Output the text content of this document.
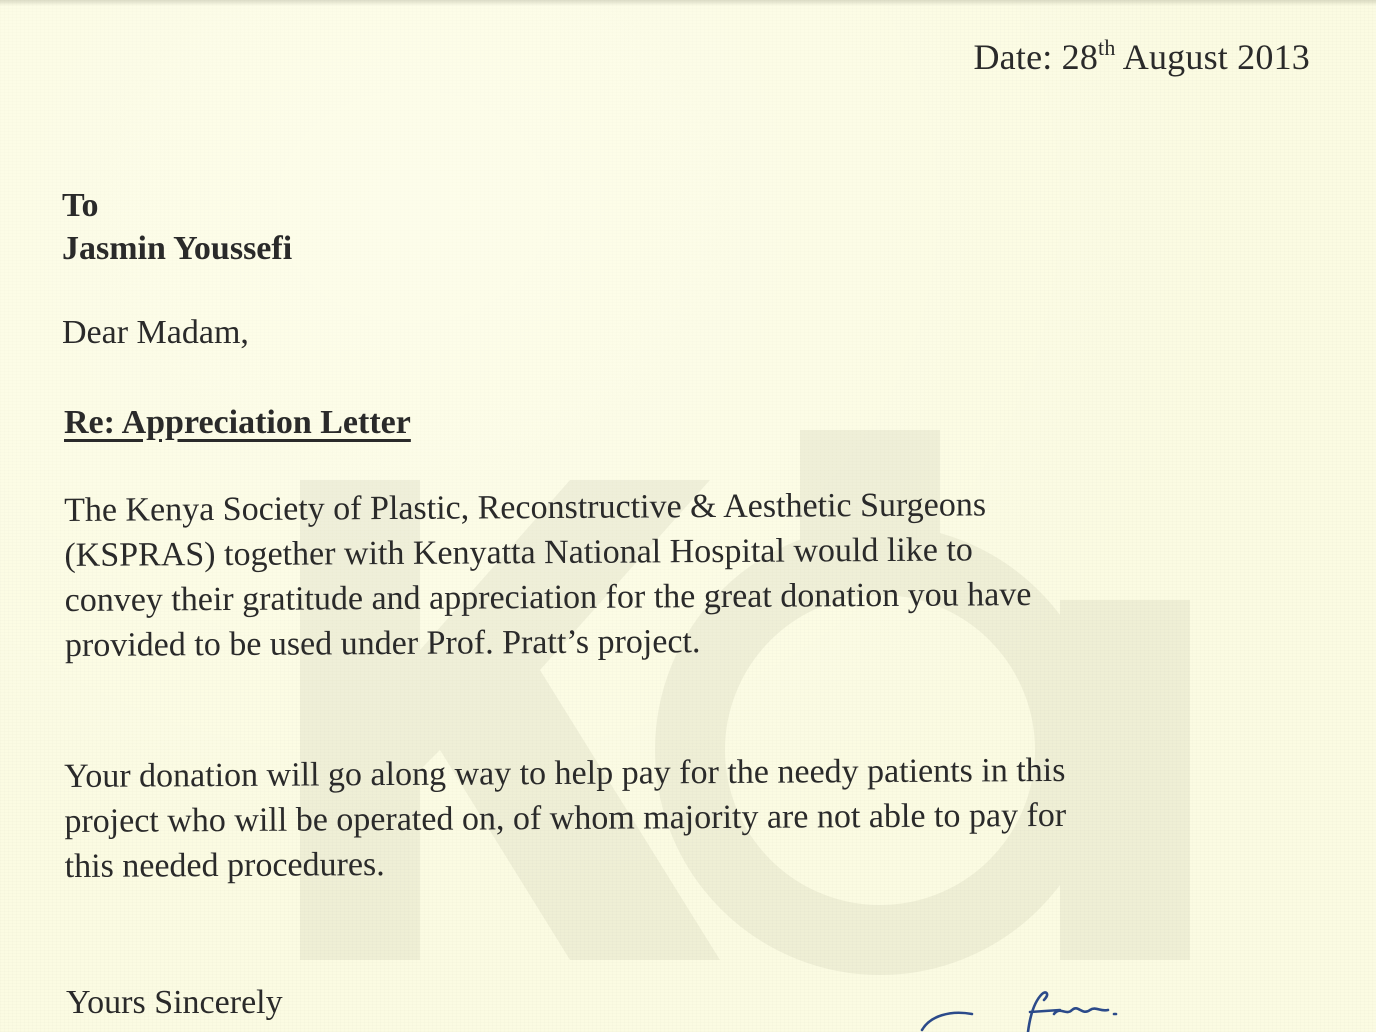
Date: 28th August 2013
To
Jasmin Youssefi
Dear Madam,
Re: Appreciation Letter
The Kenya Society of Plastic, Reconstructive & Aesthetic Surgeons
(KSPRAS) together with Kenyatta National Hospital would like to
convey their gratitude and appreciation for the great donation you have
provided to be used under Prof. Pratt’s project.
Your donation will go along way to help pay for the needy patients in this
project who will be operated on, of whom majority are not able to pay for
this needed procedures.
Yours Sincerely
